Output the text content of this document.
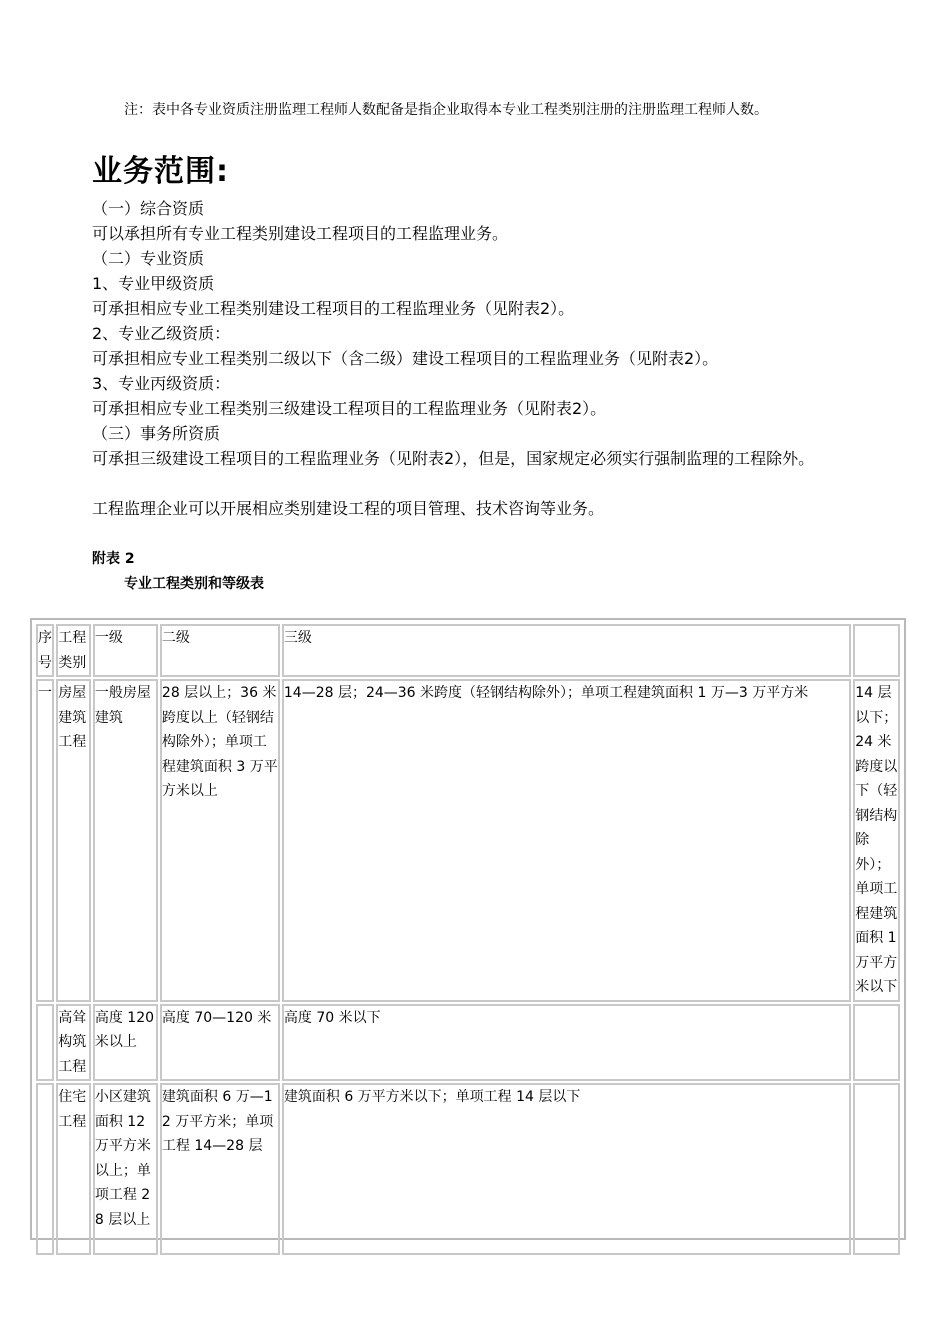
注：表中各专业资质注册监理工程师人数配备是指企业取得本专业工程类别注册的注册监理工程师人数。
业务范围:
（一）综合资质
可以承担所有专业工程类别建设工程项目的工程监理业务。
（二）专业资质
1、专业甲级资质
可承担相应专业工程类别建设工程项目的工程监理业务（见附表2）。
2、专业乙级资质：
可承担相应专业工程类别二级以下（含二级）建设工程项目的工程监理业务（见附表2）。
3、专业丙级资质：
可承担相应专业工程类别三级建设工程项目的工程监理业务（见附表2）。
（三）事务所资质
可承担三级建设工程项目的工程监理业务（见附表2），但是，国家规定必须实行强制监理的工程除外。
工程监理企业可以开展相应类别建设工程的项目管理、技术咨询等业务。
附表 2
专业工程类别和等级表
序号	工程类别	一级	二级	三级	
一	房屋建筑工程	一般房屋建筑	28 层以上；36 米跨度以上（轻钢结构除外）；单项工程建筑面积 3 万平方米以上	14—28 层；24—36 米跨度（轻钢结构除外）；单项工程建筑面积 1 万—3 万平方米	14 层以下；24 米跨度以下（轻钢结构除外）；单项工程建筑面积 1 万平方米以下
	高耸构筑工程	高度 120 米以上	高度 70—120 米	高度 70 米以下	
	住宅工程	小区建筑面积 12 万平方米以上；单项工程 28 层以上	建筑面积 6 万—12 万平方米；单项工程 14—28 层	建筑面积 6 万平方米以下；单项工程 14 层以下	
